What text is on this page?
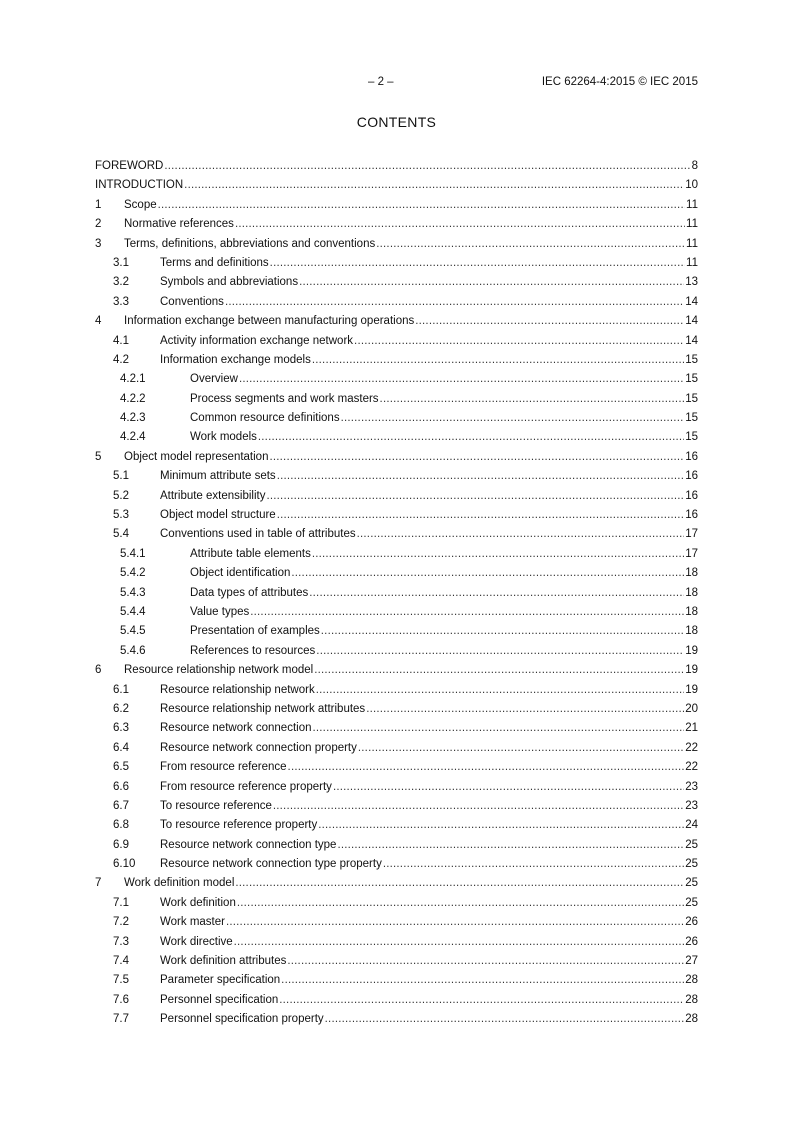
– 2 –	IEC 62264-4:2015 © IEC 2015
CONTENTS
FOREWORD .....	8
INTRODUCTION .....	10
1	Scope .....	11
2	Normative references .....	11
3	Terms, definitions, abbreviations and conventions .....	11
3.1	Terms and definitions .....	11
3.2	Symbols and abbreviations .....	13
3.3	Conventions .....	14
4	Information exchange between manufacturing operations .....	14
4.1	Activity information exchange network .....	14
4.2	Information exchange models .....	15
4.2.1	Overview .....	15
4.2.2	Process segments and work masters .....	15
4.2.3	Common resource definitions .....	15
4.2.4	Work models .....	15
5	Object model representation .....	16
5.1	Minimum attribute sets .....	16
5.2	Attribute extensibility .....	16
5.3	Object model structure .....	16
5.4	Conventions used in table of attributes .....	17
5.4.1	Attribute table elements .....	17
5.4.2	Object identification .....	18
5.4.3	Data types of attributes .....	18
5.4.4	Value types .....	18
5.4.5	Presentation of examples .....	18
5.4.6	References to resources .....	19
6	Resource relationship network model .....	19
6.1	Resource relationship network .....	19
6.2	Resource relationship network attributes .....	20
6.3	Resource network connection .....	21
6.4	Resource network connection property .....	22
6.5	From resource reference .....	22
6.6	From resource reference property .....	23
6.7	To resource reference .....	23
6.8	To resource reference property .....	24
6.9	Resource network connection type .....	25
6.10	Resource network connection type property .....	25
7	Work definition model .....	25
7.1	Work definition .....	25
7.2	Work master .....	26
7.3	Work directive .....	26
7.4	Work definition attributes .....	27
7.5	Parameter specification .....	28
7.6	Personnel specification .....	28
7.7	Personnel specification property .....	28
